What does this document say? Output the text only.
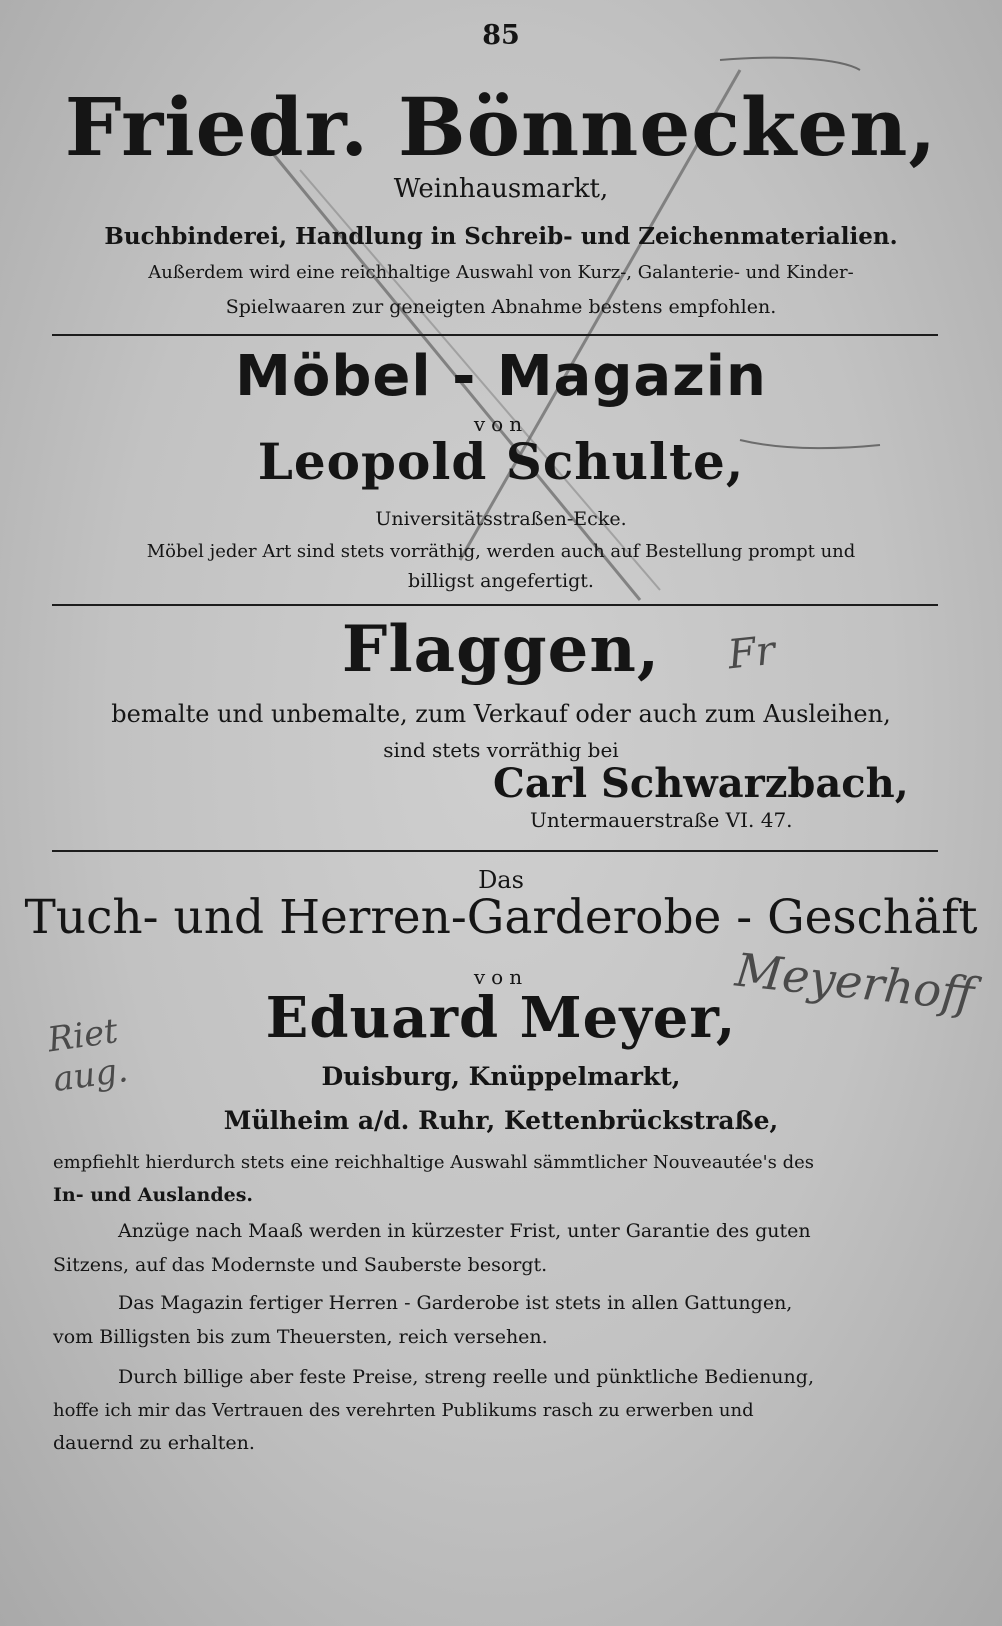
85
Friedr. Bönnecken,
Weinhausmarkt,
Buchbinderei, Handlung in Schreib- und Zeichenmaterialien.
Außerdem wird eine reichhaltige Auswahl von Kurz-, Galanterie- und Kinder-
Spielwaaren zur geneigten Abnahme bestens empfohlen.
Möbel - Magazin
von
Leopold Schulte,
Universitätsstraßen-Ecke.
Möbel jeder Art sind stets vorräthig, werden auch auf Bestellung prompt und
billigst angefertigt.
Flaggen,
bemalte und unbemalte, zum Verkauf oder auch zum Ausleihen,
sind stets vorräthig bei
Carl Schwarzbach,
Untermauerstraße VI. 47.
Das
Tuch- und Herren-Garderobe - Geschäft
von
Eduard Meyer,
Duisburg, Knüppelmarkt,
Mülheim a/d. Ruhr, Kettenbrückstraße,
empfiehlt hierdurch stets eine reichhaltige Auswahl sämmtlicher Nouveautée's des
In- und Auslandes.
Anzüge nach Maaß werden in kürzester Frist, unter Garantie des guten
Sitzens, auf das Modernste und Sauberste besorgt.
Das Magazin fertiger Herren - Garderobe ist stets in allen Gattungen,
vom Billigsten bis zum Theuersten, reich versehen.
Durch billige aber feste Preise, streng reelle und pünktliche Bedienung,
hoffe ich mir das Vertrauen des verehrten Publikums rasch zu erwerben und
dauernd zu erhalten.
Fr
Meyerhoff
Riet aug.
